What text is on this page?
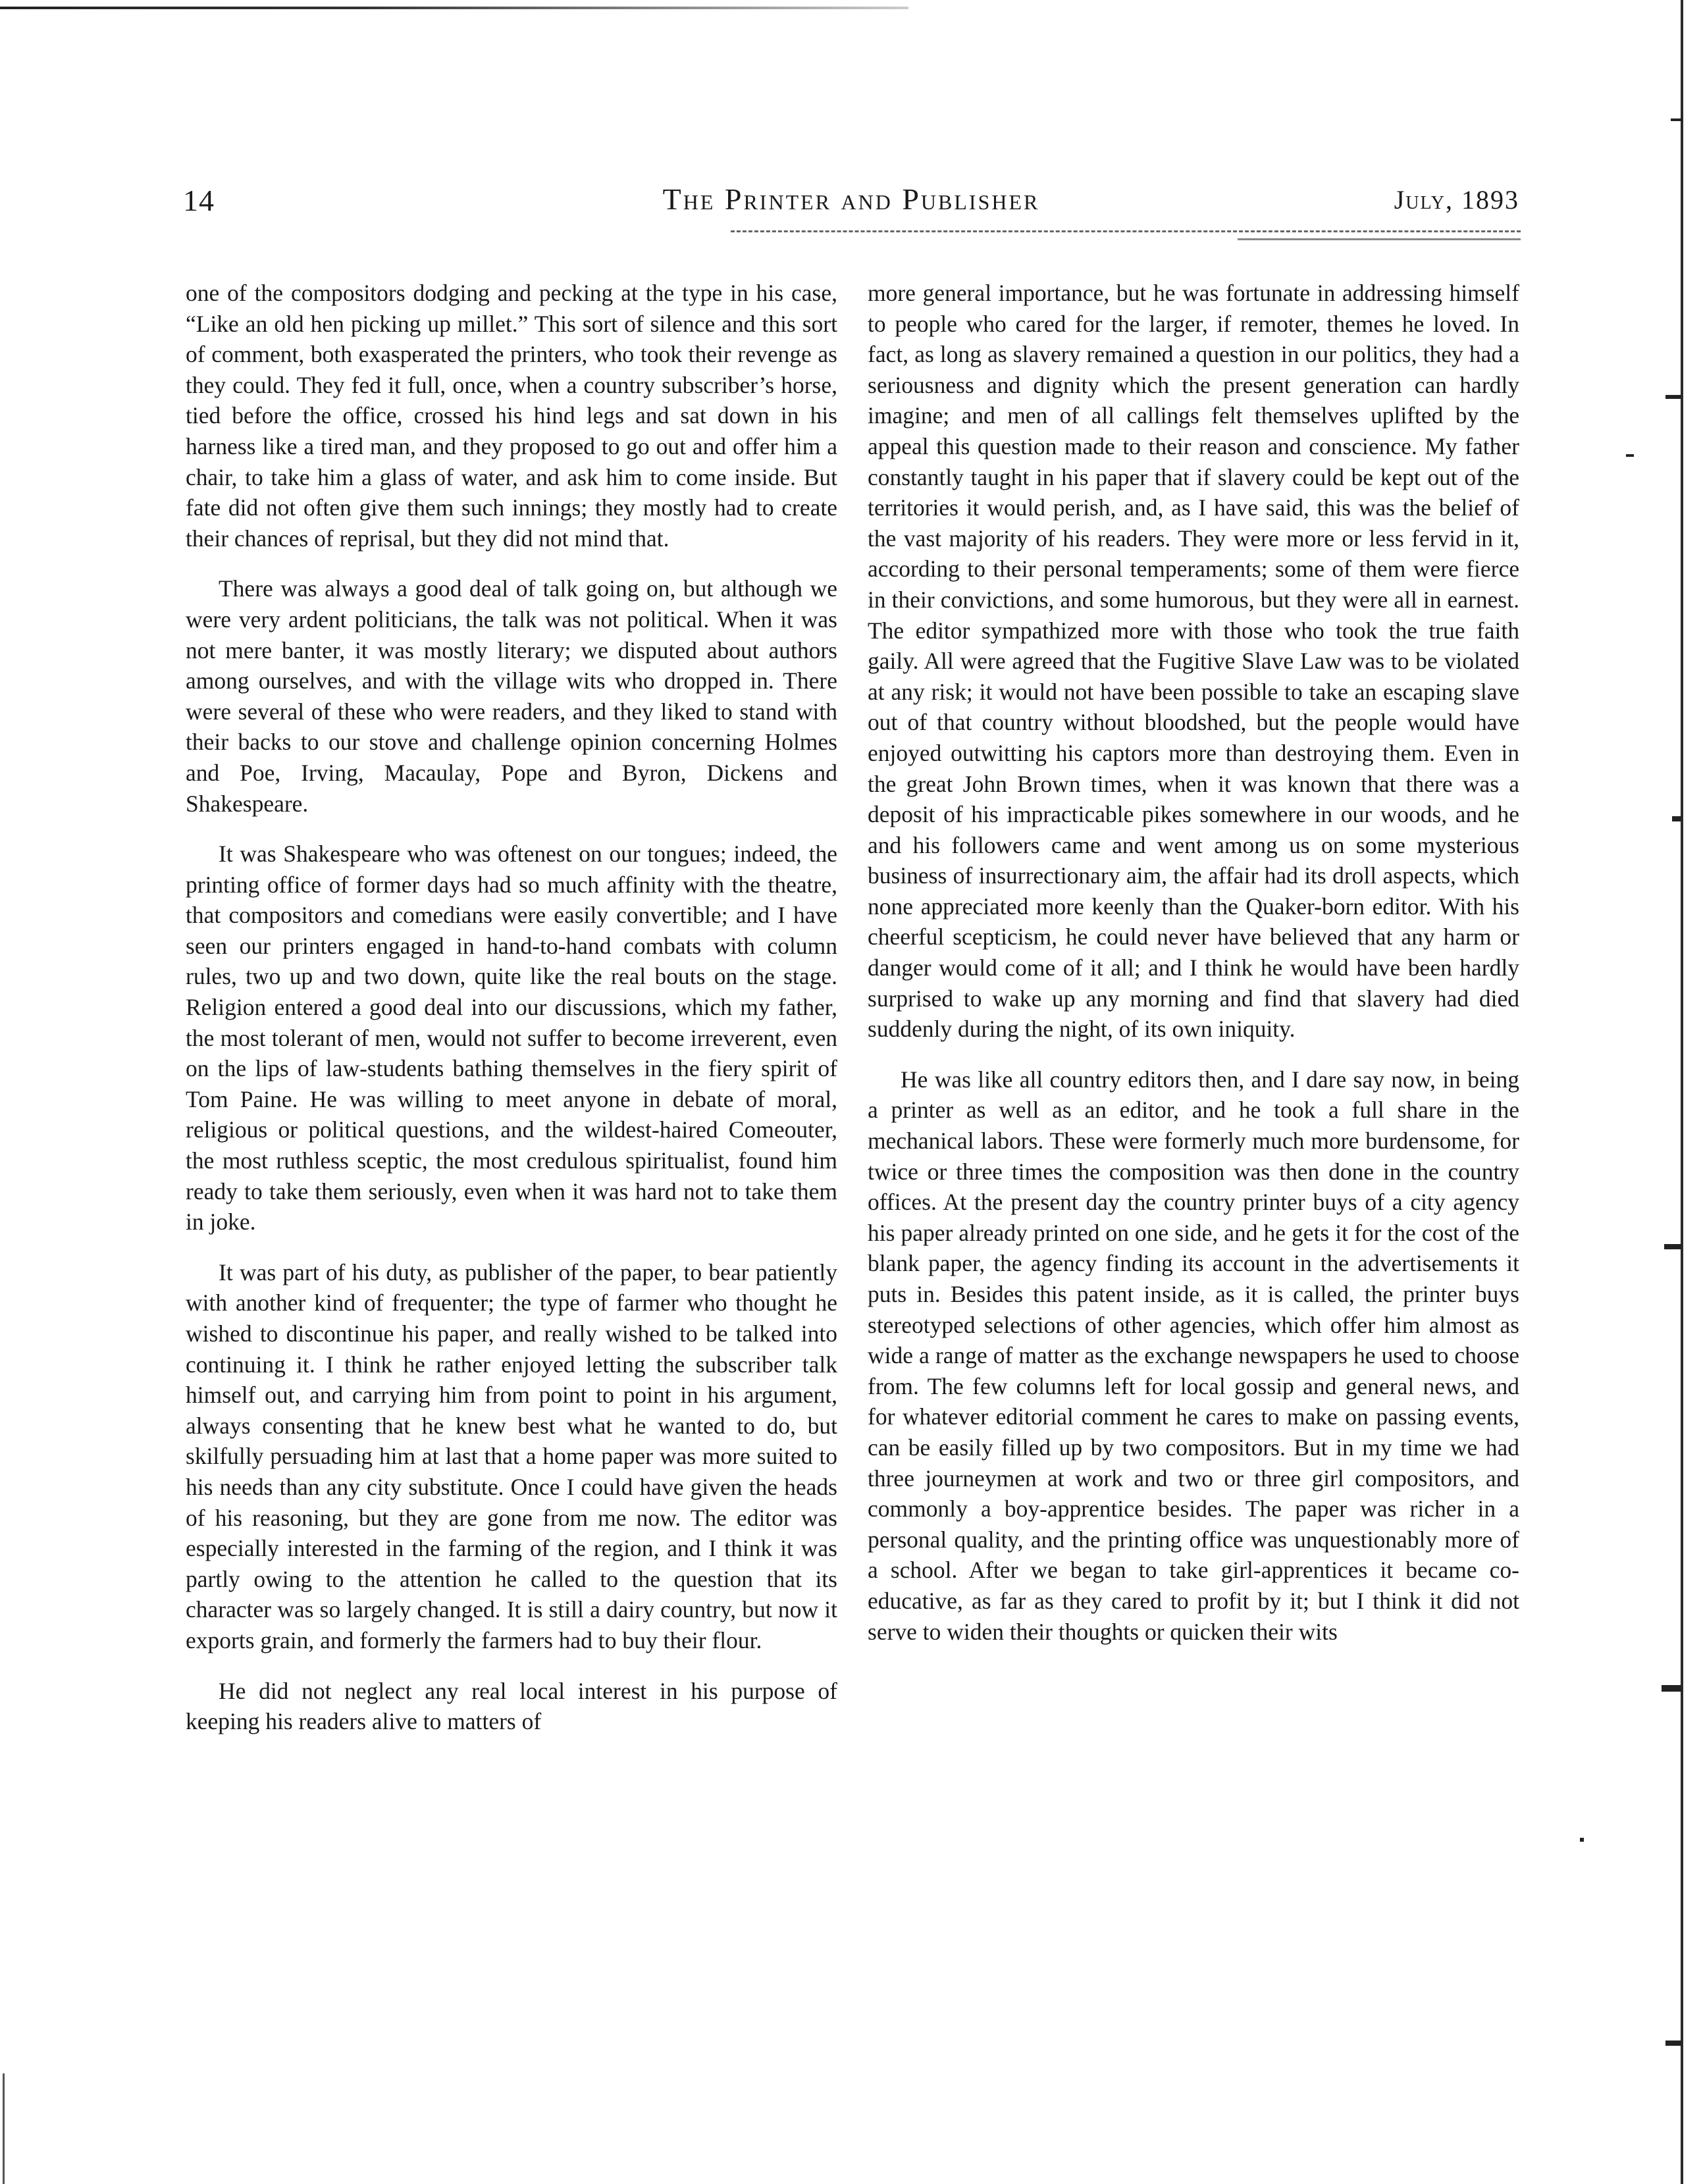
14	The Printer and Publisher	July, 1893

one of the compositors dodging and pecking at the type in his case, “Like an old hen picking up millet.” This sort of silence and this sort of comment, both exasperated the printers, who took their revenge as they could. They fed it full, once, when a country subscriber’s horse, tied before the office, crossed his hind legs and sat down in his harness like a tired man, and they proposed to go out and offer him a chair, to take him a glass of water, and ask him to come inside. But fate did not often give them such innings; they mostly had to create their chances of reprisal, but they did not mind that.

There was always a good deal of talk going on, but although we were very ardent politicians, the talk was not political. When it was not mere banter, it was mostly literary; we disputed about authors among ourselves, and with the village wits who dropped in. There were several of these who were readers, and they liked to stand with their backs to our stove and challenge opinion concerning Holmes and Poe, Irving, Macaulay, Pope and Byron, Dickens and Shakespeare.

It was Shakespeare who was oftenest on our tongues; indeed, the printing office of former days had so much affinity with the theatre, that compositors and comedians were easily convertible; and I have seen our printers engaged in hand-to-hand combats with column rules, two up and two down, quite like the real bouts on the stage. Religion entered a good deal into our discussions, which my father, the most tolerant of men, would not suffer to become irreverent, even on the lips of law-students bathing themselves in the fiery spirit of Tom Paine. He was willing to meet anyone in debate of moral, religious or political questions, and the wildest-haired Comeouter, the most ruthless sceptic, the most credulous spiritualist, found him ready to take them seriously, even when it was hard not to take them in joke.

It was part of his duty, as publisher of the paper, to bear patiently with another kind of frequenter; the type of farmer who thought he wished to discontinue his paper, and really wished to be talked into continuing it. I think he rather enjoyed letting the subscriber talk himself out, and carrying him from point to point in his argument, always consenting that he knew best what he wanted to do, but skilfully persuading him at last that a home paper was more suited to his needs than any city substitute. Once I could have given the heads of his reasoning, but they are gone from me now. The editor was especially interested in the farming of the region, and I think it was partly owing to the attention he called to the question that its character was so largely changed. It is still a dairy country, but now it exports grain, and formerly the farmers had to buy their flour.

He did not neglect any real local interest in his purpose of keeping his readers alive to matters of

more general importance, but he was fortunate in addressing himself to people who cared for the larger, if remoter, themes he loved. In fact, as long as slavery remained a question in our politics, they had a seriousness and dignity which the present generation can hardly imagine; and men of all callings felt themselves uplifted by the appeal this question made to their reason and conscience. My father constantly taught in his paper that if slavery could be kept out of the territories it would perish, and, as I have said, this was the belief of the vast majority of his readers. They were more or less fervid in it, according to their personal temperaments; some of them were fierce in their convictions, and some humorous, but they were all in earnest. The editor sympathized more with those who took the true faith gaily. All were agreed that the Fugitive Slave Law was to be violated at any risk; it would not have been possible to take an escaping slave out of that country without bloodshed, but the people would have enjoyed outwitting his captors more than destroying them. Even in the great John Brown times, when it was known that there was a deposit of his impracticable pikes somewhere in our woods, and he and his followers came and went among us on some mysterious business of insurrectionary aim, the affair had its droll aspects, which none appreciated more keenly than the Quaker-born editor. With his cheerful scepticism, he could never have believed that any harm or danger would come of it all; and I think he would have been hardly surprised to wake up any morning and find that slavery had died suddenly during the night, of its own iniquity.

He was like all country editors then, and I dare say now, in being a printer as well as an editor, and he took a full share in the mechanical labors. These were formerly much more burdensome, for twice or three times the composition was then done in the country offices. At the present day the country printer buys of a city agency his paper already printed on one side, and he gets it for the cost of the blank paper, the agency finding its account in the advertisements it puts in. Besides this patent inside, as it is called, the printer buys stereotyped selections of other agencies, which offer him almost as wide a range of matter as the exchange newspapers he used to choose from. The few columns left for local gossip and general news, and for whatever editorial comment he cares to make on passing events, can be easily filled up by two compositors. But in my time we had three journeymen at work and two or three girl compositors, and commonly a boy-apprentice besides. The paper was richer in a personal quality, and the printing office was unquestionably more of a school. After we began to take girl-apprentices it became co-educative, as far as they cared to profit by it; but I think it did not serve to widen their thoughts or quicken their wits
